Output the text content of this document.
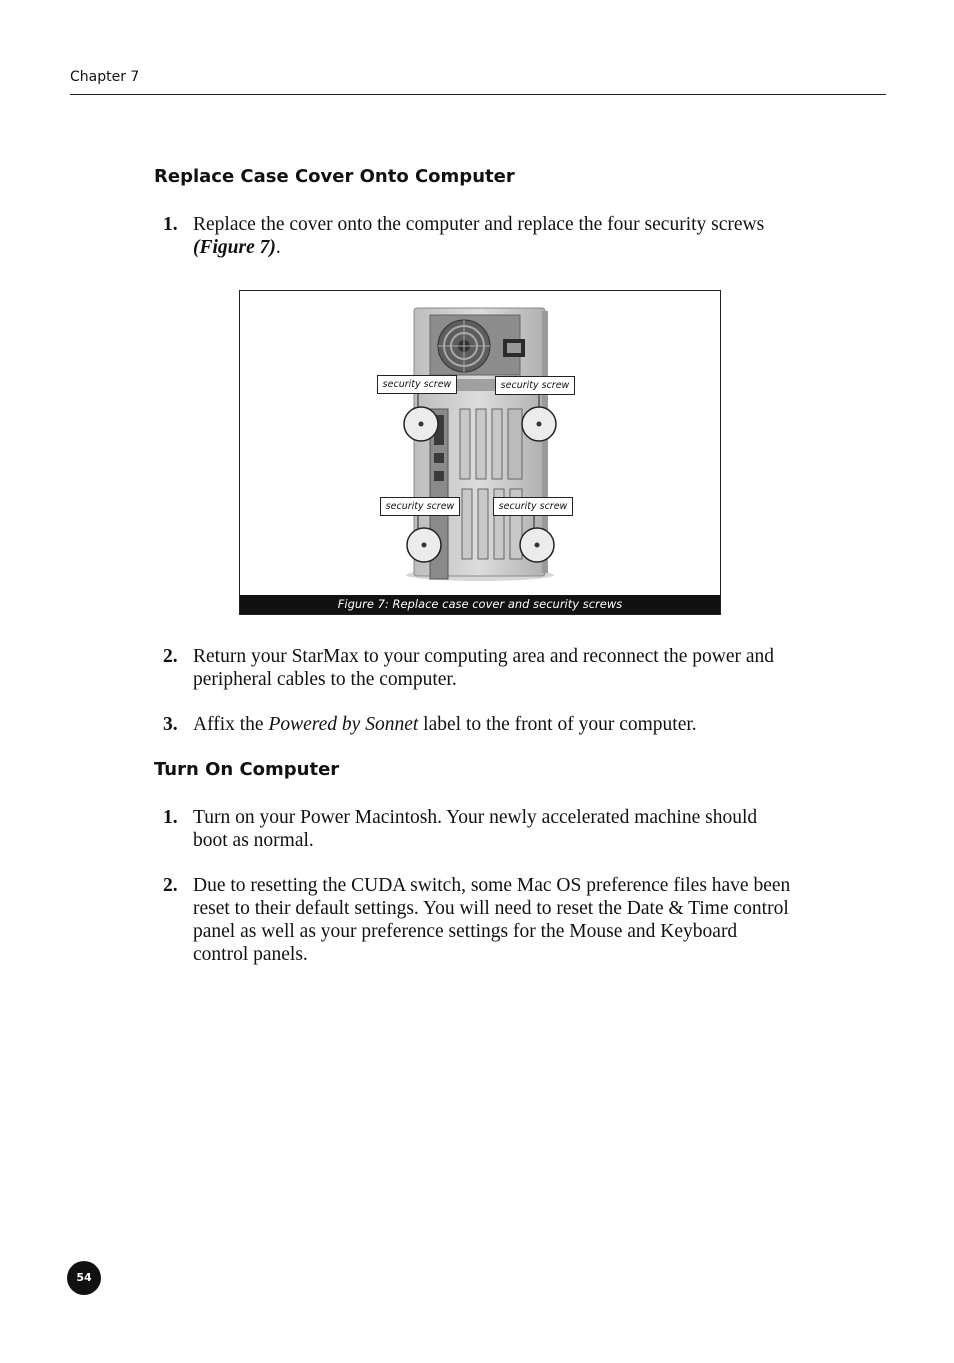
Chapter 7
Replace Case Cover Onto Computer
1. Replace the cover onto the computer and replace the four security screws (Figure 7).
security screw	security screw
security screw	security screw
Figure 7: Replace case cover and security screws
2. Return your StarMax to your computing area and reconnect the power and peripheral cables to the computer.
3. Affix the Powered by Sonnet label to the front of your computer.
Turn On Computer
1. Turn on your Power Macintosh. Your newly accelerated machine should boot as normal.
2. Due to resetting the CUDA switch, some Mac OS preference files have been reset to their default settings. You will need to reset the Date & Time control panel as well as your preference settings for the Mouse and Keyboard control panels.
54
